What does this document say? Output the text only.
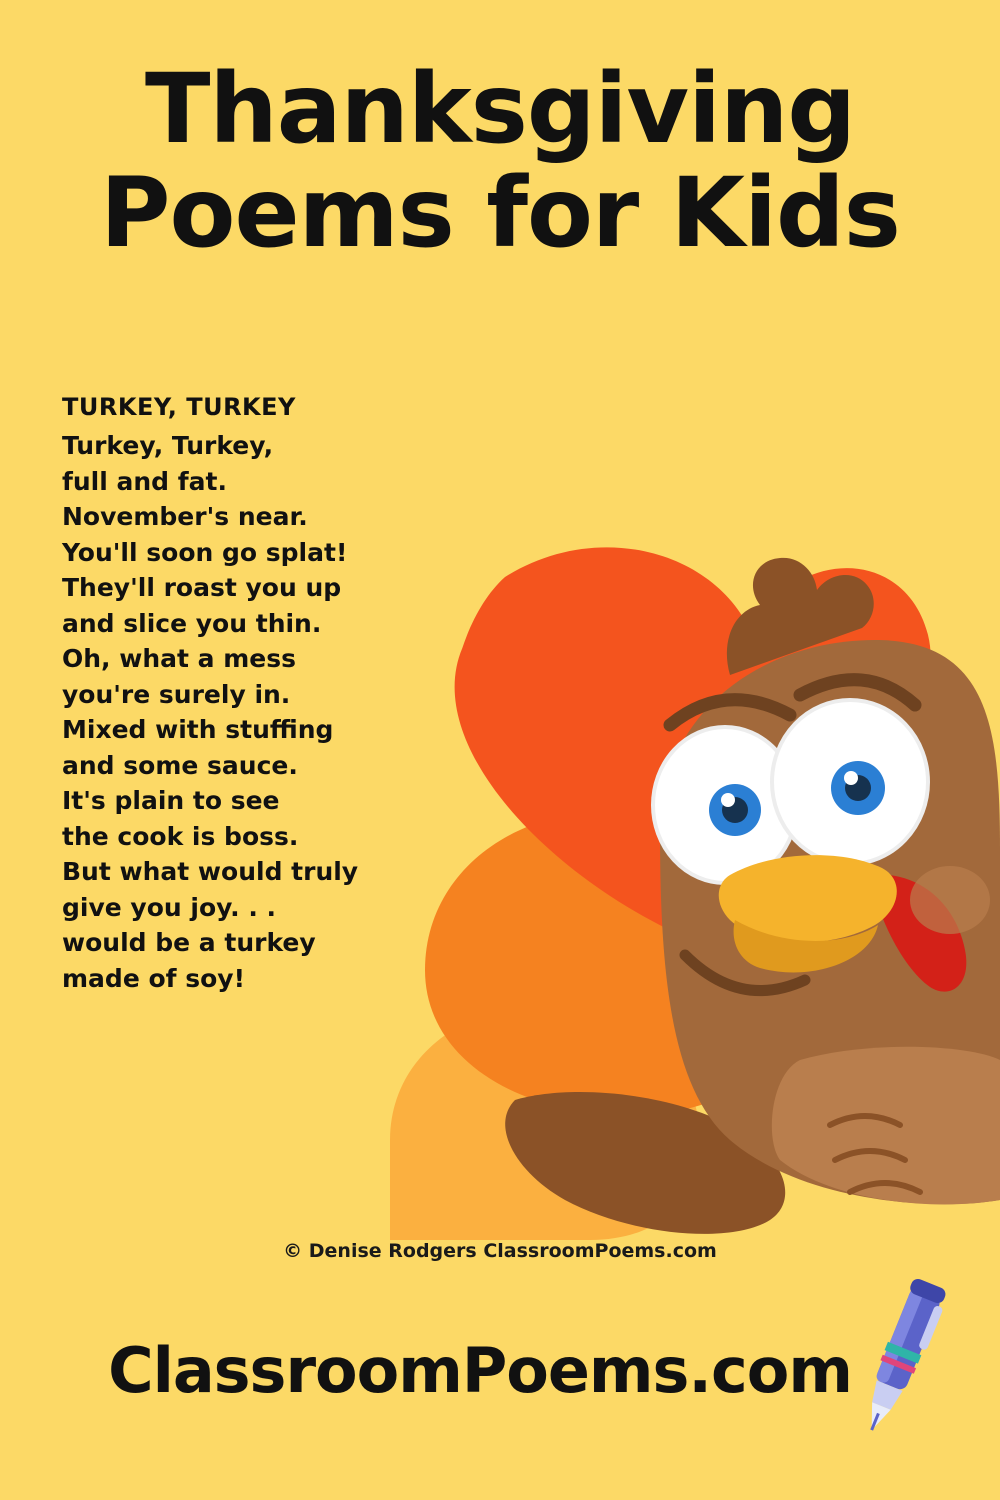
Thanksgiving
Poems for Kids
TURKEY, TURKEY
Turkey, Turkey,
full and fat.
November's near.
You'll soon go splat!
They'll roast you up
and slice you thin.
Oh, what a mess
you're surely in.
Mixed with stuffing
and some sauce.
It's plain to see
the cook is boss.
But what would truly
give you joy. . .
would be a turkey
made of soy!
© Denise Rodgers ClassroomPoems.com
ClassroomPoems.com
